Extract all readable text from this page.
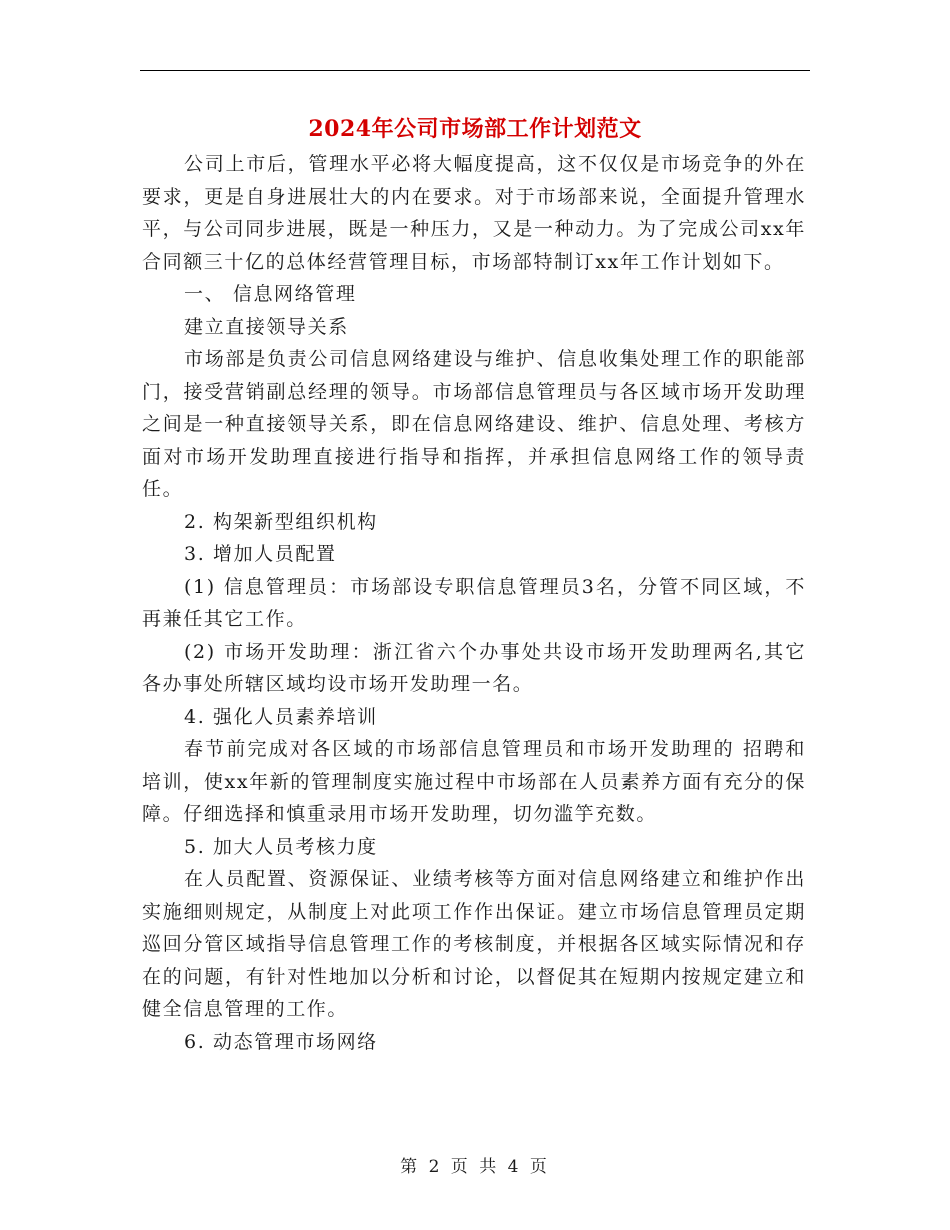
2024年公司市场部工作计划范文

公司上市后，管理水平必将大幅度提高，这不仅仅是市场竞争的外在要求，更是自身进展壮大的内在要求。对于市场部来说，全面提升管理水平，与公司同步进展，既是一种压力，又是一种动力。为了完成公司xx年合同额三十亿的总体经营管理目标，市场部特制订xx年工作计划如下。

一、 信息网络管理

建立直接领导关系

市场部是负责公司信息网络建设与维护、信息收集处理工作的职能部门，接受营销副总经理的领导。市场部信息管理员与各区域市场开发助理之间是一种直接领导关系，即在信息网络建设、维护、信息处理、考核方面对市场开发助理直接进行指导和指挥，并承担信息网络工作的领导责任。

2. 构架新型组织机构

3. 增加人员配置

(1) 信息管理员：市场部设专职信息管理员3名，分管不同区域，不再兼任其它工作。

(2) 市场开发助理：浙江省六个办事处共设市场开发助理两名,其它各办事处所辖区域均设市场开发助理一名。

4. 强化人员素养培训

春节前完成对各区域的市场部信息管理员和市场开发助理的 招聘和培训，使xx年新的管理制度实施过程中市场部在人员素养方面有充分的保障。仔细选择和慎重录用市场开发助理，切勿滥竽充数。

5. 加大人员考核力度

在人员配置、资源保证、业绩考核等方面对信息网络建立和维护作出实施细则规定，从制度上对此项工作作出保证。建立市场信息管理员定期巡回分管区域指导信息管理工作的考核制度，并根据各区域实际情况和存在的问题，有针对性地加以分析和讨论，以督促其在短期内按规定建立和健全信息管理的工作。

6. 动态管理市场网络

第 2 页 共 4 页
